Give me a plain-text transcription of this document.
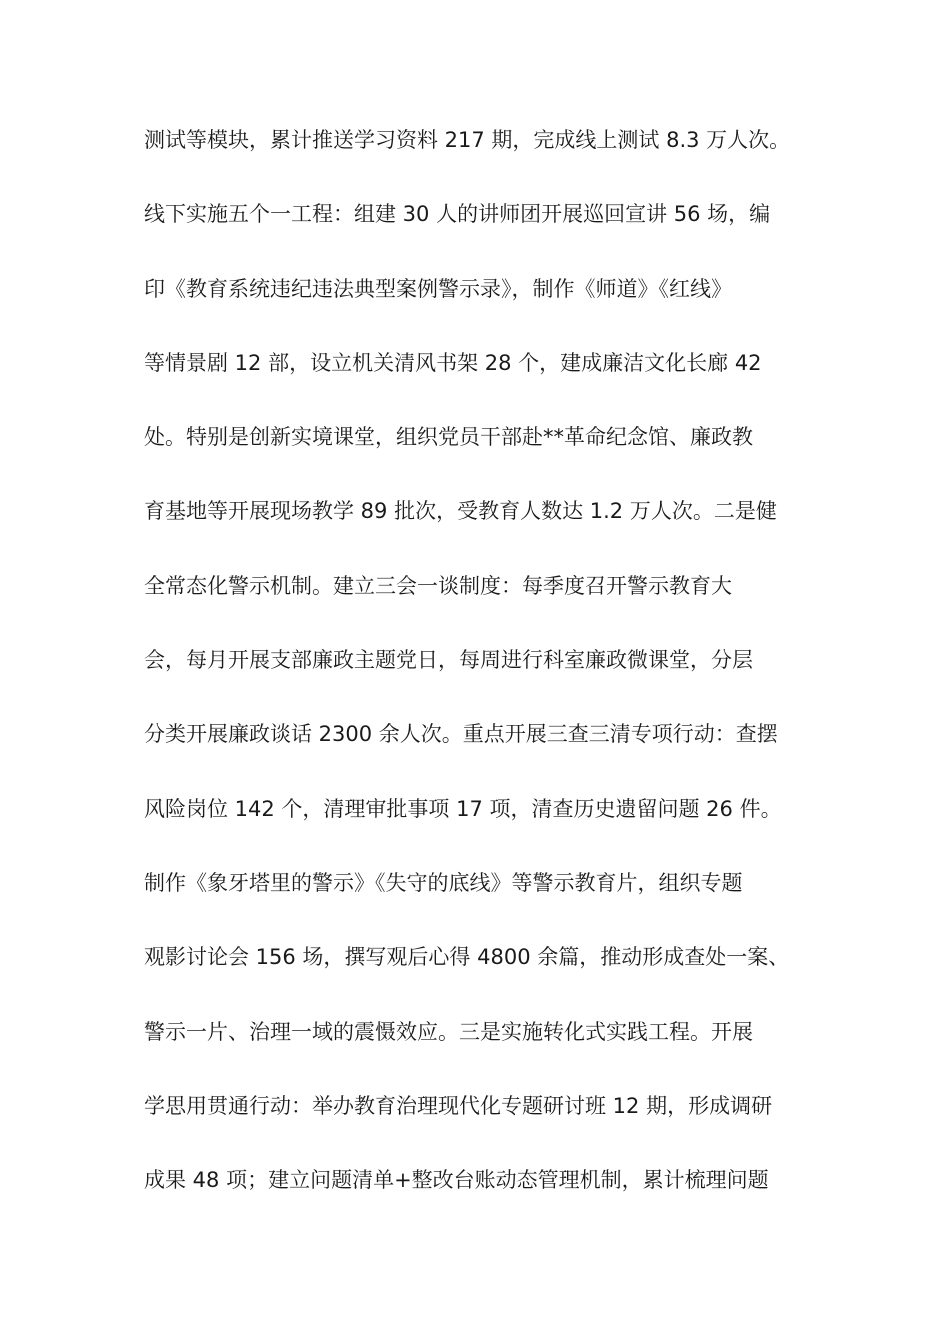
测试等模块，累计推送学习资料 217 期，完成线上测试 8.3 万人次。
线下实施五个一工程：组建 30 人的讲师团开展巡回宣讲 56 场，编
印《教育系统违纪违法典型案例警示录》，制作《师道》《红线》
等情景剧 12 部，设立机关清风书架 28 个，建成廉洁文化长廊 42
处。特别是创新实境课堂，组织党员干部赴**革命纪念馆、廉政教
育基地等开展现场教学 89 批次，受教育人数达 1.2 万人次。二是健
全常态化警示机制。建立三会一谈制度：每季度召开警示教育大
会，每月开展支部廉政主题党日，每周进行科室廉政微课堂，分层
分类开展廉政谈话 2300 余人次。重点开展三查三清专项行动：查摆
风险岗位 142 个，清理审批事项 17 项，清查历史遗留问题 26 件。
制作《象牙塔里的警示》《失守的底线》等警示教育片，组织专题
观影讨论会 156 场，撰写观后心得 4800 余篇，推动形成查处一案、
警示一片、治理一域的震慑效应。三是实施转化式实践工程。开展
学思用贯通行动：举办教育治理现代化专题研讨班 12 期，形成调研
成果 48 项；建立问题清单+整改台账动态管理机制，累计梳理问题
